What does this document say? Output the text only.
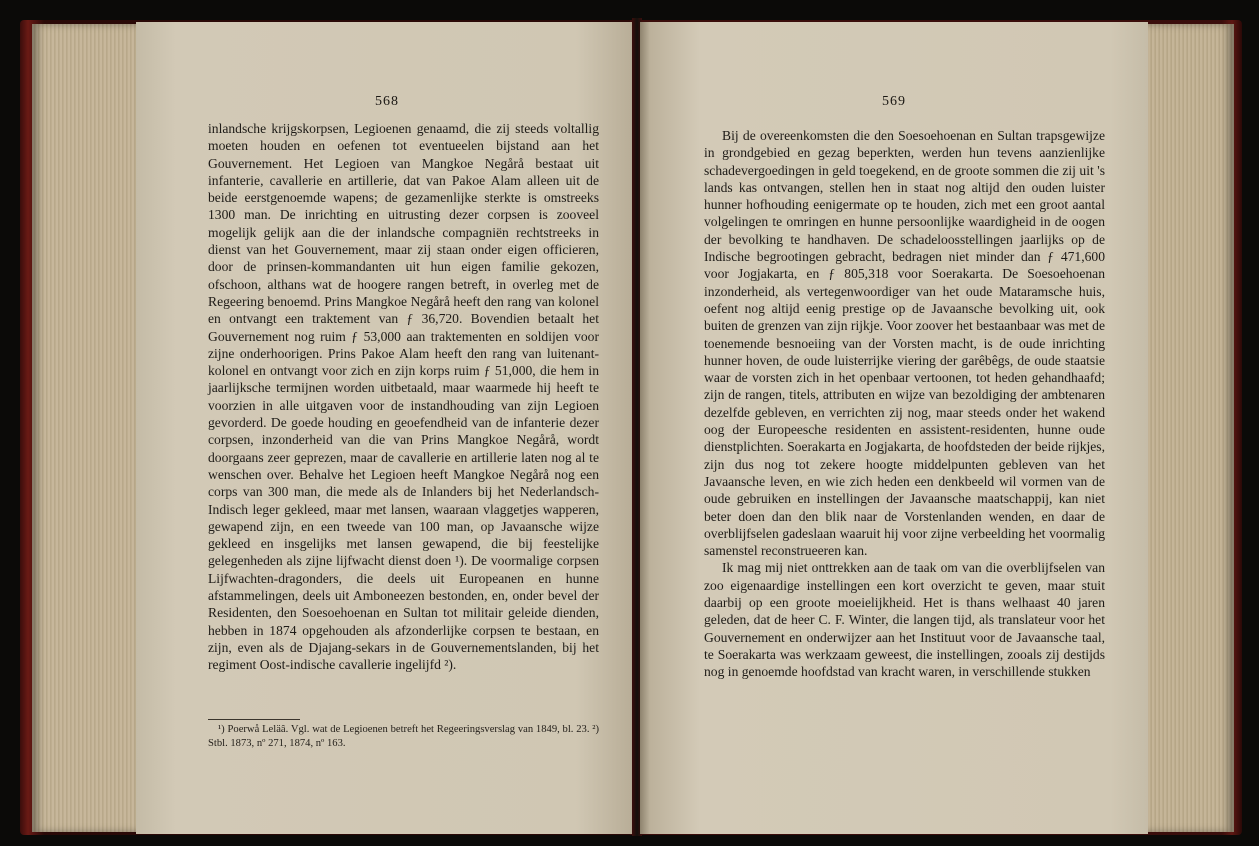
568

inlandsche krijgskorpsen, Legioenen genaamd, die zij steeds voltallig moeten houden en oefenen tot eventueelen bijstand aan het Gouvernement. Het Legioen van Mangkoe Negårå bestaat uit infanterie, cavallerie en artillerie, dat van Pakoe Alam alleen uit de beide eerstgenoemde wapens; de gezamenlijke sterkte is omstreeks 1300 man. De inrichting en uitrusting dezer corpsen is zooveel mogelijk gelijk aan die der inlandsche compagniën rechtstreeks in dienst van het Gouvernement, maar zij staan onder eigen officieren, door de prinsen-kommandanten uit hun eigen familie gekozen, ofschoon, althans wat de hoogere rangen betreft, in overleg met de Regeering benoemd. Prins Mangkoe Negårå heeft den rang van kolonel en ontvangt een traktement van ƒ 36,720. Bovendien betaalt het Gouvernement nog ruim ƒ 53,000 aan traktementen en soldijen voor zijne onderhoorigen. Prins Pakoe Alam heeft den rang van luitenant-kolonel en ontvangt voor zich en zijn korps ruim ƒ 51,000, die hem in jaarlijksche termijnen worden uitbetaald, maar waarmede hij heeft te voorzien in alle uitgaven voor de instandhouding van zijn Legioen gevorderd. De goede houding en geoefendheid van de infanterie dezer corpsen, inzonderheid van die van Prins Mangkoe Negårå, wordt doorgaans zeer geprezen, maar de cavallerie en artillerie laten nog al te wenschen over. Behalve het Legioen heeft Mangkoe Negårå nog een corps van 300 man, die mede als de Inlanders bij het Nederlandsch-Indisch leger gekleed, maar met lansen, waaraan vlaggetjes wapperen, gewapend zijn, en een tweede van 100 man, op Javaansche wijze gekleed en insgelijks met lansen gewapend, die bij feestelijke gelegenheden als zijne lijfwacht dienst doen ¹). De voormalige corpsen Lijfwachten-dragonders, die deels uit Europeanen en hunne afstammelingen, deels uit Amboneezen bestonden, en, onder bevel der Residenten, den Soesoehoenan en Sultan tot militair geleide dienden, hebben in 1874 opgehouden als afzonderlijke corpsen te bestaan, en zijn, even als de Djajang-sekars in de Gouvernementslanden, bij het regiment Oost-indische cavallerie ingelijfd ²).

¹) Poerwå Leläâ. Vgl. wat de Legioenen betreft het Regeeringsverslag van 1849, bl. 23. ²) Stbl. 1873, nº 271, 1874, nº 163.

569

Bij de overeenkomsten die den Soesoehoenan en Sultan trapsgewijze in grondgebied en gezag beperkten, werden hun tevens aanzienlijke schadevergoedingen in geld toegekend, en de groote sommen die zij uit 's lands kas ontvangen, stellen hen in staat nog altijd den ouden luister hunner hofhouding eenigermate op te houden, zich met een groot aantal volgelingen te omringen en hunne persoonlijke waardigheid in de oogen der bevolking te handhaven. De schadeloosstellingen jaarlijks op de Indische begrootingen gebracht, bedragen niet minder dan ƒ 471,600 voor Jogjakarta, en ƒ 805,318 voor Soerakarta. De Soesoehoenan inzonderheid, als vertegenwoordiger van het oude Mataramsche huis, oefent nog altijd eenig prestige op de Javaansche bevolking uit, ook buiten de grenzen van zijn rijkje. Voor zoover het bestaanbaar was met de toenemende besnoeiing van der Vorsten macht, is de oude inrichting hunner hoven, de oude luisterrijke viering der garêbêgs, de oude staatsie waar de vorsten zich in het openbaar vertoonen, tot heden gehandhaafd; zijn de rangen, titels, attributen en wijze van bezoldiging der ambtenaren dezelfde gebleven, en verrichten zij nog, maar steeds onder het wakend oog der Europeesche residenten en assistent-residenten, hunne oude dienstplichten. Soerakarta en Jogjakarta, de hoofdsteden der beide rijkjes, zijn dus nog tot zekere hoogte middelpunten gebleven van het Javaansche leven, en wie zich heden een denkbeeld wil vormen van de oude gebruiken en instellingen der Javaansche maatschappij, kan niet beter doen dan den blik naar de Vorstenlanden wenden, en daar de overblijfselen gadeslaan waaruit hij voor zijne verbeelding het voormalig samenstel reconstrueeren kan.

Ik mag mij niet onttrekken aan de taak om van die overblijfselen van zoo eigenaardige instellingen een kort overzicht te geven, maar stuit daarbij op een groote moeielijkheid. Het is thans welhaast 40 jaren geleden, dat de heer C. F. Winter, die langen tijd, als translateur voor het Gouvernement en onderwijzer aan het Instituut voor de Javaansche taal, te Soerakarta was werkzaam geweest, die instellingen, zooals zij destijds nog in genoemde hoofdstad van kracht waren, in verschillende stukken
